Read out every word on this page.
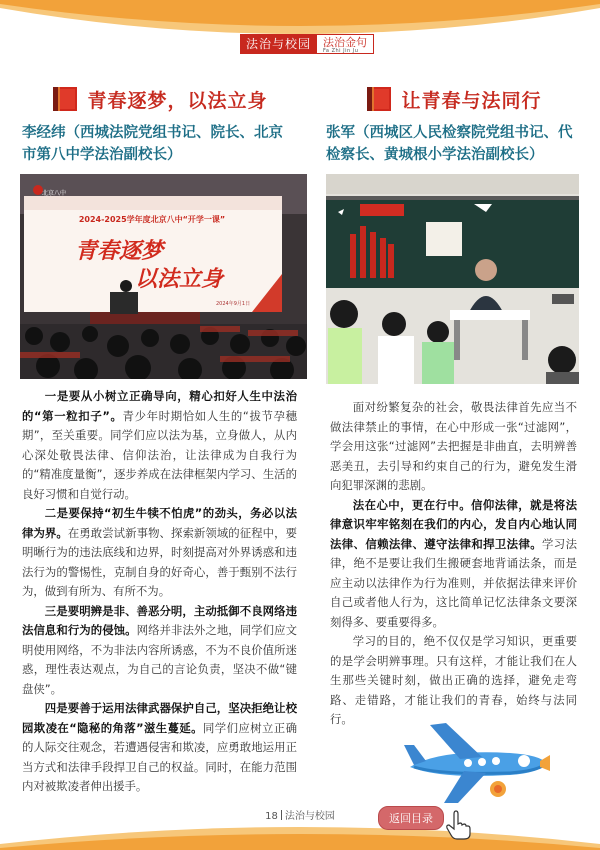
法治与校园	法治金句
Fa Zhi Jin Ju
青春逐梦，以法立身
李经纬（西城法院党组书记、院长、北京市第八中学法治副校长）
北京八中
2024-2025学年度北京八中“开学一课”
青春逐梦
以法立身
2024年9月1日

一是要从小树立正确导向，精心扣好人生中法治的“第一粒扣子”。青少年时期恰如人生的“拔节孕穗期”，至关重要。同学们应以法为基，立身做人，从内心深处敬畏法律、信仰法治，让法律成为自我行为的“精准度量衡”，逐步养成在法律框架内学习、生活的良好习惯和自觉行动。

二是要保持“初生牛犊不怕虎”的劲头，务必以法律为界。在勇敢尝试新事物、探索新领域的征程中，要明晰行为的违法底线和边界，时刻提高对外界诱惑和违法行为的警惕性，克制自身的好奇心，善于甄别不法行为，做到有所为、有所不为。

三是要明辨是非、善恶分明，主动抵御不良网络违法信息和行为的侵蚀。网络并非法外之地，同学们应文明使用网络，不为非法内容所诱惑，不为不良价值所迷惑，理性表达观点，为自己的言论负责，坚决不做“键盘侠”。

四是要善于运用法律武器保护自己，坚决拒绝让校园欺凌在“隐秘的角落”滋生蔓延。同学们应树立正确的人际交往观念，若遭遇侵害和欺凌，应勇敢地运用正当方式和法律手段捍卫自己的权益。同时，在能力范围内对被欺凌者伸出援手。

让青春与法同行
张军（西城区人民检察院党组书记、代检察长、黄城根小学法治副校长）

面对纷繁复杂的社会，敬畏法律首先应当不做法律禁止的事情，在心中形成一张“过滤网”，学会用这张“过滤网”去把握是非曲直，去明辨善恶美丑，去引导和约束自己的行为，避免发生滑向犯罪深渊的悲剧。

法在心中，更在行中。信仰法律，就是将法律意识牢牢铭刻在我们的内心，发自内心地认同法律、信赖法律、遵守法律和捍卫法律。学习法律，绝不是要让我们生搬硬套地背诵法条，而是应主动以法律作为行为准则，并依据法律来评价自己或者他人行为，这比简单记忆法律条文要深刻得多、要重要得多。

学习的目的，绝不仅仅是学习知识，更重要的是学会明辨事理。只有这样，才能让我们在人生那些关键时刻，做出正确的选择，避免走弯路、走错路，才能让我们的青春，始终与法同行。

18 法治与校园	返回目录
